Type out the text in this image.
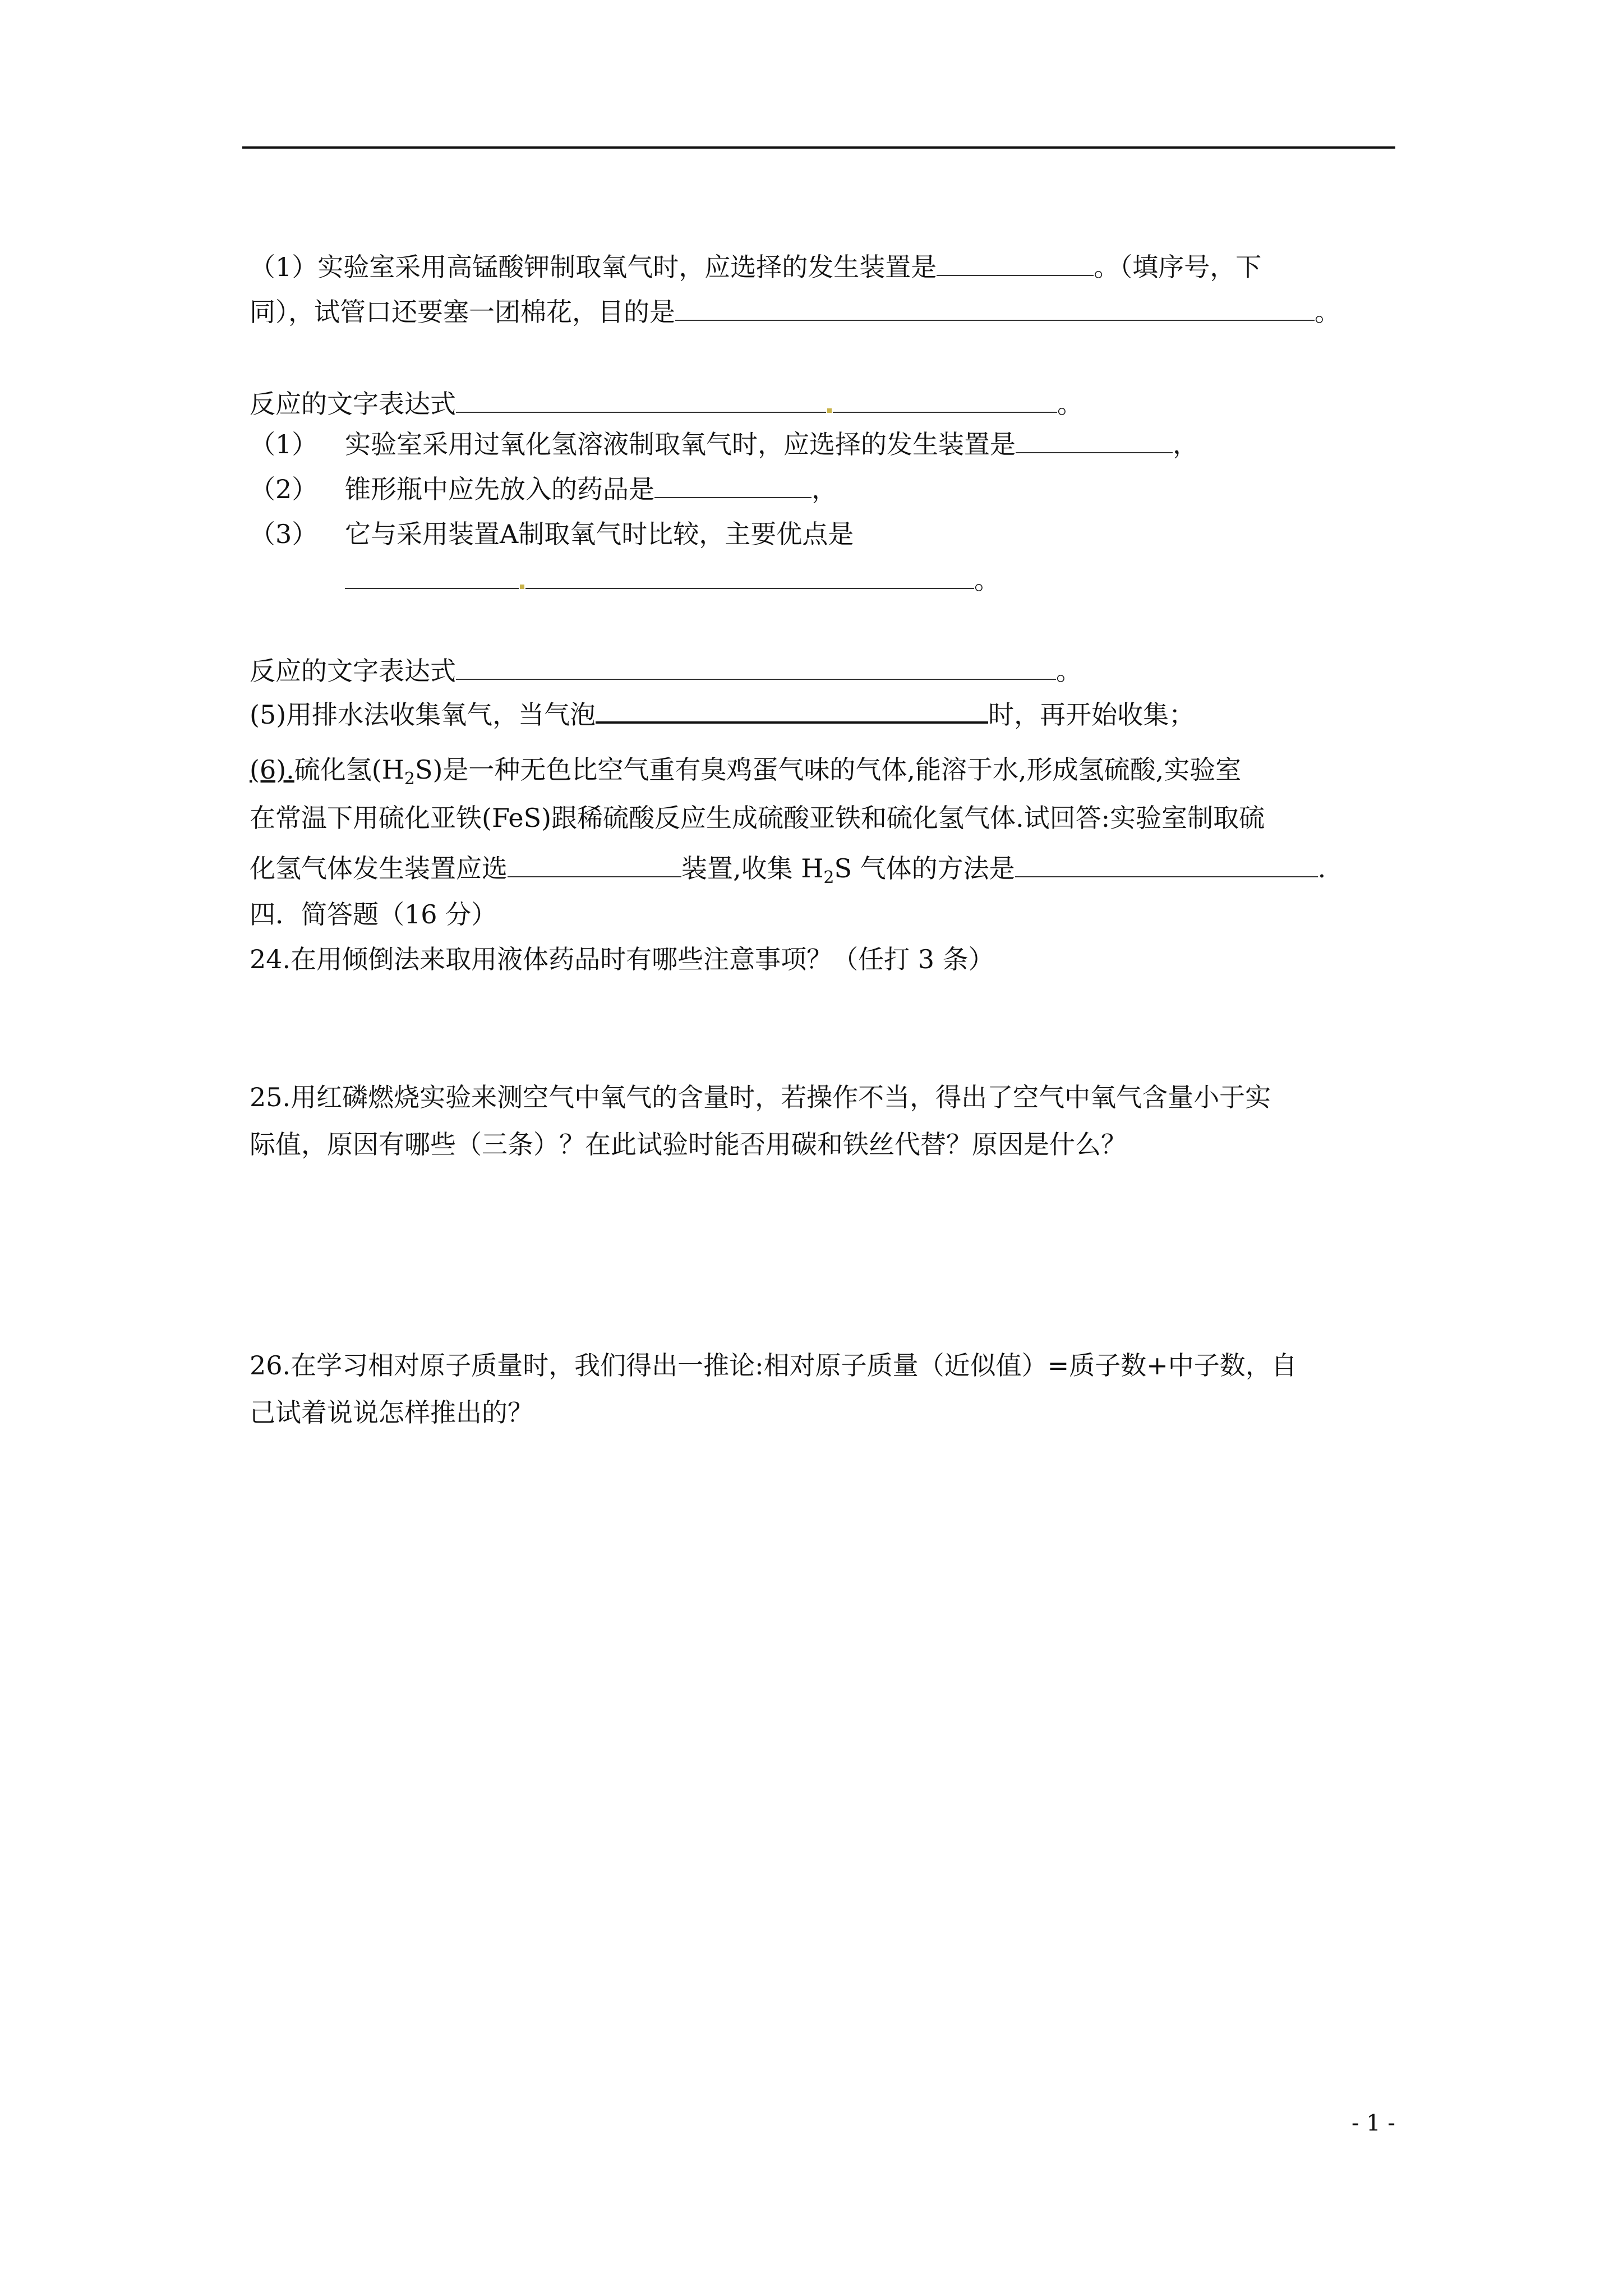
（1）实验室采用高锰酸钾制取氧气时，应选择的发生装置是	。（填序号，下
同），试管口还要塞一团棉花，目的是	。
反应的文字表达式	。
（1） 实验室采用过氧化氢溶液制取氧气时，应选择的发生装置是	，
（2） 锥形瓶中应先放入的药品是	，
（3） 它与采用装置A制取氧气时比较，主要优点是
。
反应的文字表达式	。
(5)用排水法收集氧气，当气泡	时，再开始收集；
(6).硫化氢$(H_2S)$是一种无色比空气重有臭鸡蛋气味的气体,能溶于水,形成氢硫酸,实验室
在常温下用硫化亚铁(FeS)跟稀硫酸反应生成硫酸亚铁和硫化氢气体.试回答:实验室制取硫
化氢气体发生装置应选	装置,收集 $H_2S$ 气体的方法是	.
四．简答题（16 分）
24.在用倾倒法来取用液体药品时有哪些注意事项？（任打 3 条）
25.用红磷燃烧实验来测空气中氧气的含量时，若操作不当，得出了空气中氧气含量小于实
际值，原因有哪些（三条）？在此试验时能否用碳和铁丝代替？原因是什么？
26.在学习相对原子质量时，我们得出一推论:相对原子质量（近似值）=质子数+中子数，自
己试着说说怎样推出的？
- 1 -
